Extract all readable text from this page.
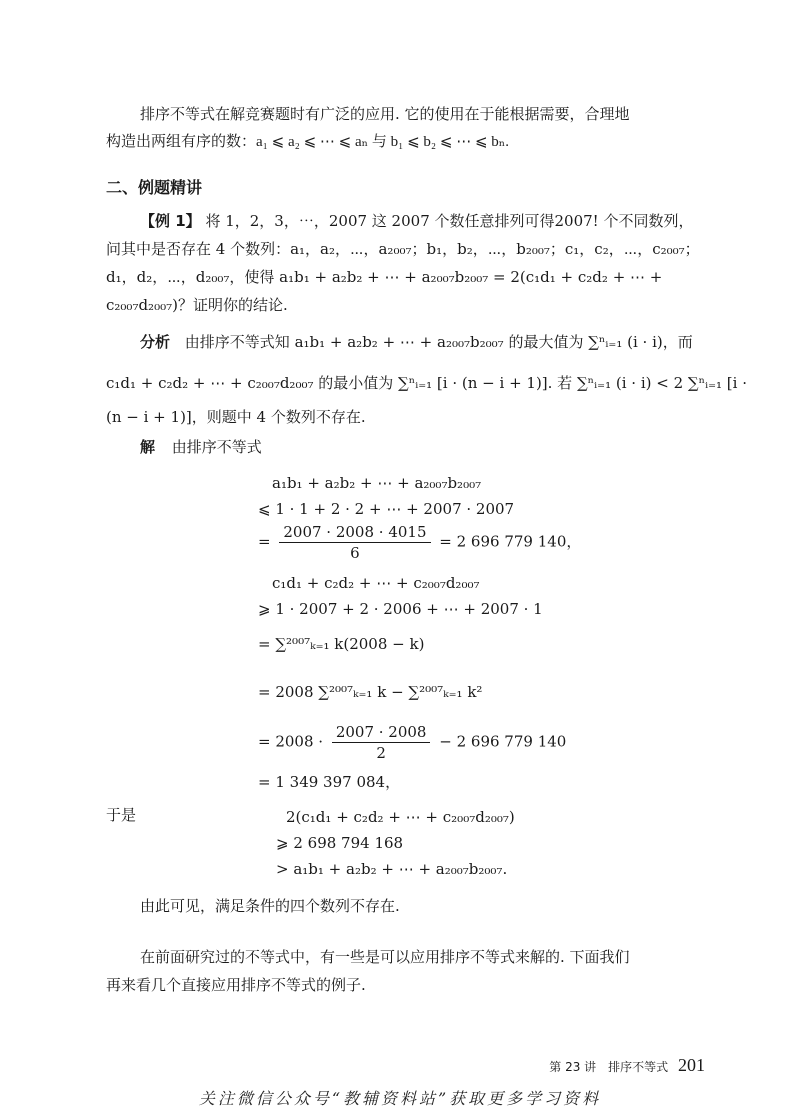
排序不等式在解竞赛题时有广泛的应用. 它的使用在于能根据需要，合理地

构造出两组有序的数：a₁ ⩽ a₂ ⩽ ⋯ ⩽ aₙ 与 b₁ ⩽ b₂ ⩽ ⋯ ⩽ bₙ.

二、例题精讲

【例 1】 将 1，2，3，⋯，2007 这 2007 个数任意排列可得2007! 个不同数列，

问其中是否存在 4 个数列：a₁，a₂，⋯，a₂₀₀₇；b₁，b₂，⋯，b₂₀₀₇；c₁，c₂，⋯，c₂₀₀₇；

d₁，d₂，⋯，d₂₀₀₇，使得 a₁b₁ + a₂b₂ + ⋯ + a₂₀₀₇b₂₀₀₇ = 2(c₁d₁ + c₂d₂ + ⋯ +

c₂₀₀₇d₂₀₀₇)？证明你的结论.

分析 由排序不等式知 a₁b₁ + a₂b₂ + ⋯ + a₂₀₀₇b₂₀₀₇ 的最大值为 ∑ⁿᵢ₌₁ (i · i)，而

c₁d₁ + c₂d₂ + ⋯ + c₂₀₀₇d₂₀₀₇ 的最小值为 ∑ⁿᵢ₌₁ [i · (n − i + 1)]. 若 ∑ⁿᵢ₌₁ (i · i) < 2 ∑ⁿᵢ₌₁ [i ·

(n − i + 1)]，则题中 4 个数列不存在.

解 由排序不等式

a₁b₁ + a₂b₂ + ⋯ + a₂₀₀₇b₂₀₀₇

⩽ 1 · 1 + 2 · 2 + ⋯ + 2007 · 2007

= $\frac{2007 \cdot 2008 \cdot 4015}{6} = 2$ 696 779 140，

c₁d₁ + c₂d₂ + ⋯ + c₂₀₀₇d₂₀₀₇

⩾ 1 · 2007 + 2 · 2006 + ⋯ + 2007 · 1

= ∑²⁰⁰⁷ₖ₌₁ k(2008 − k)

= 2008 ∑²⁰⁰⁷ₖ₌₁ k − ∑²⁰⁰⁷ₖ₌₁ k²

= $2008 \cdot \frac{2007 \cdot 2008}{2} - 2$ 696 779 140

= 1 349 397 084，

于是	2(c₁d₁ + c₂d₂ + ⋯ + c₂₀₀₇d₂₀₀₇)

⩾ 2 698 794 168

> a₁b₁ + a₂b₂ + ⋯ + a₂₀₀₇b₂₀₀₇.

由此可见，满足条件的四个数列不存在.

在前面研究过的不等式中，有一些是可以应用排序不等式来解的. 下面我们

再来看几个直接应用排序不等式的例子.

第 23 讲　排序不等式 201
关注微信公众号“教辅资料站”获取更多学习资料
